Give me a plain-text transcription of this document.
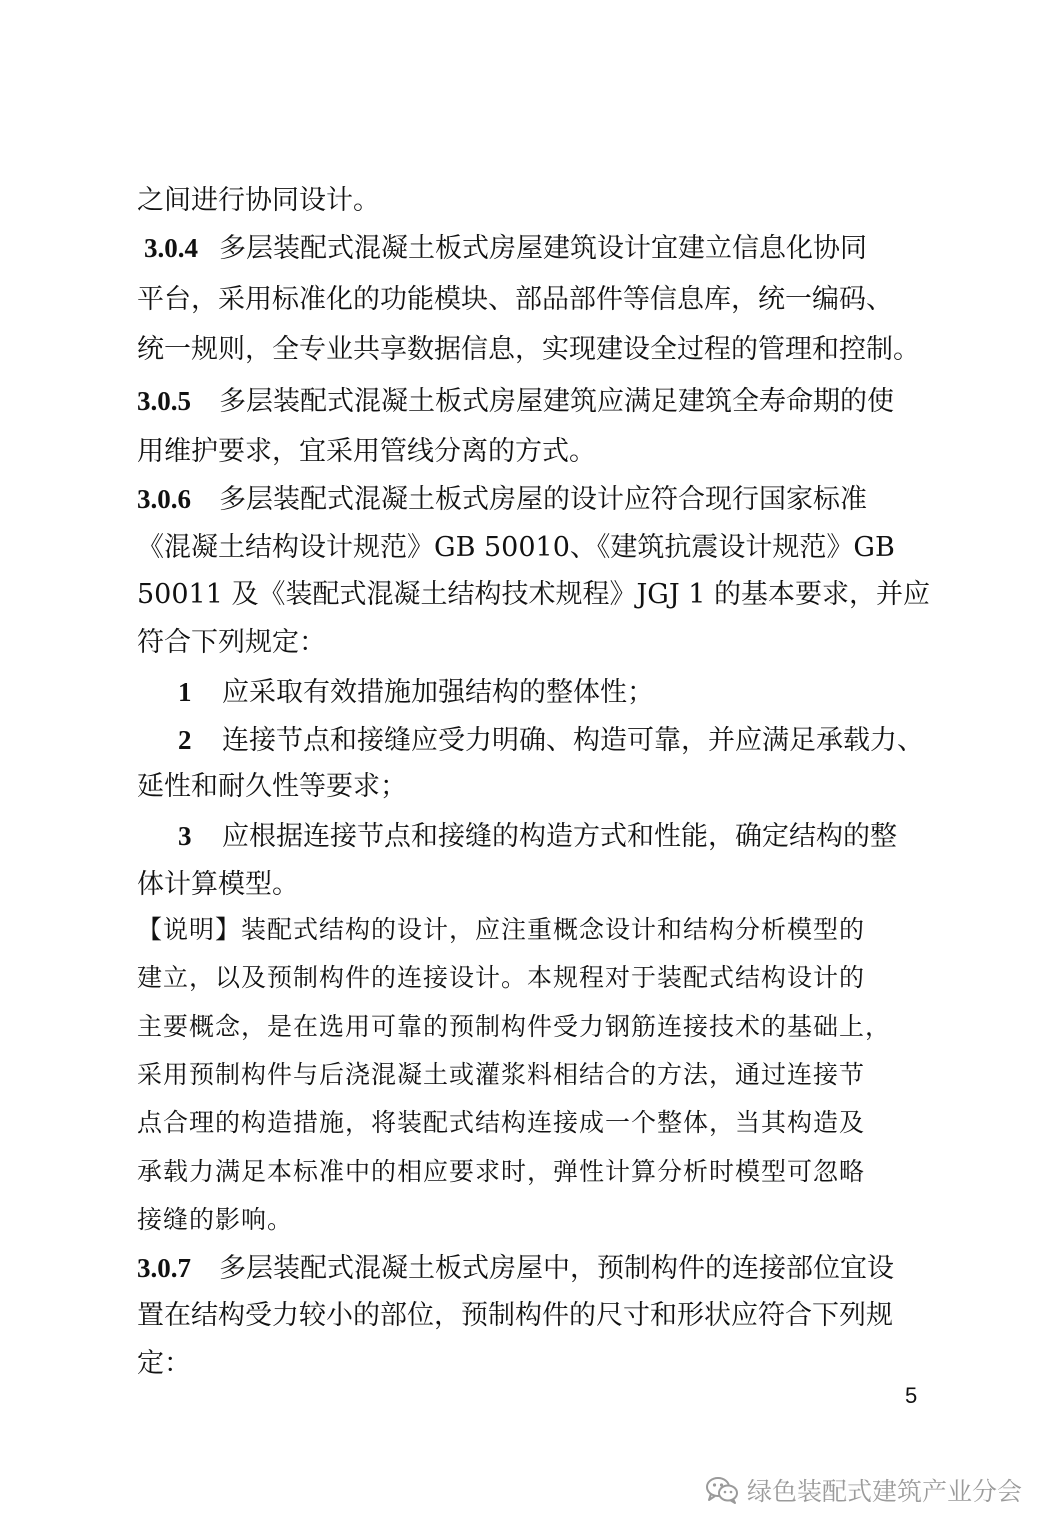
之间进行协同设计。
3.0.4 多层装配式混凝土板式房屋建筑设计宜建立信息化协同
平台，采用标准化的功能模块、部品部件等信息库，统一编码、
统一规则，全专业共享数据信息，实现建设全过程的管理和控制。
3.0.5 多层装配式混凝土板式房屋建筑应满足建筑全寿命期的使
用维护要求，宜采用管线分离的方式。
3.0.6 多层装配式混凝土板式房屋的设计应符合现行国家标准
《混凝土结构设计规范》GB 50010、《建筑抗震设计规范》GB
50011 及《装配式混凝土结构技术规程》JGJ 1 的基本要求，并应
符合下列规定：
1 应采取有效措施加强结构的整体性；
2 连接节点和接缝应受力明确、构造可靠，并应满足承载力、
延性和耐久性等要求；
3 应根据连接节点和接缝的构造方式和性能，确定结构的整
体计算模型。
【说明】装配式结构的设计，应注重概念设计和结构分析模型的
建立，以及预制构件的连接设计。本规程对于装配式结构设计的
主要概念，是在选用可靠的预制构件受力钢筋连接技术的基础上，
采用预制构件与后浇混凝土或灌浆料相结合的方法，通过连接节
点合理的构造措施，将装配式结构连接成一个整体，当其构造及
承载力满足本标准中的相应要求时，弹性计算分析时模型可忽略
接缝的影响。
3.0.7 多层装配式混凝土板式房屋中，预制构件的连接部位宜设
置在结构受力较小的部位，预制构件的尺寸和形状应符合下列规
定：
5
绿色装配式建筑产业分会
